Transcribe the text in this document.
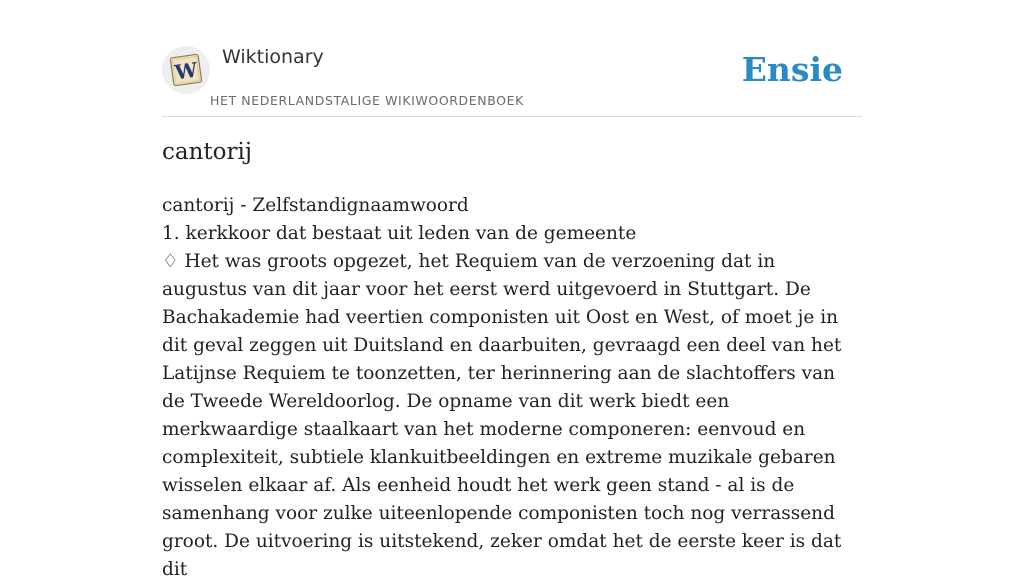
W
Wiktionary
HET NEDERLANDSTALIGE WIKIWOORDENBOEK
Ensie
cantorij

cantorij - Zelfstandignaamwoord

1. kerkkoor dat bestaat uit leden van de gemeente

♢ Het was groots opgezet, het Requiem van de verzoening dat in augustus van dit jaar voor het eerst werd uitgevoerd in Stuttgart. De Bachakademie had veertien componisten uit Oost en West, of moet je in dit geval zeggen uit Duitsland en daarbuiten, gevraagd een deel van het Latijnse Requiem te toonzetten, ter herinnering aan de slachtoffers van de Tweede Wereldoorlog. De opname van dit werk biedt een merkwaardige staalkaart van het moderne componeren: eenvoud en complexiteit, subtiele klankuitbeeldingen en extreme muzikale gebaren wisselen elkaar af. Als eenheid houdt het werk geen stand - al is de samenhang voor zulke uiteenlopende componisten toch nog verrassend groot. De uitvoering is uitstekend, zeker omdat het de eerste keer is dat dit
